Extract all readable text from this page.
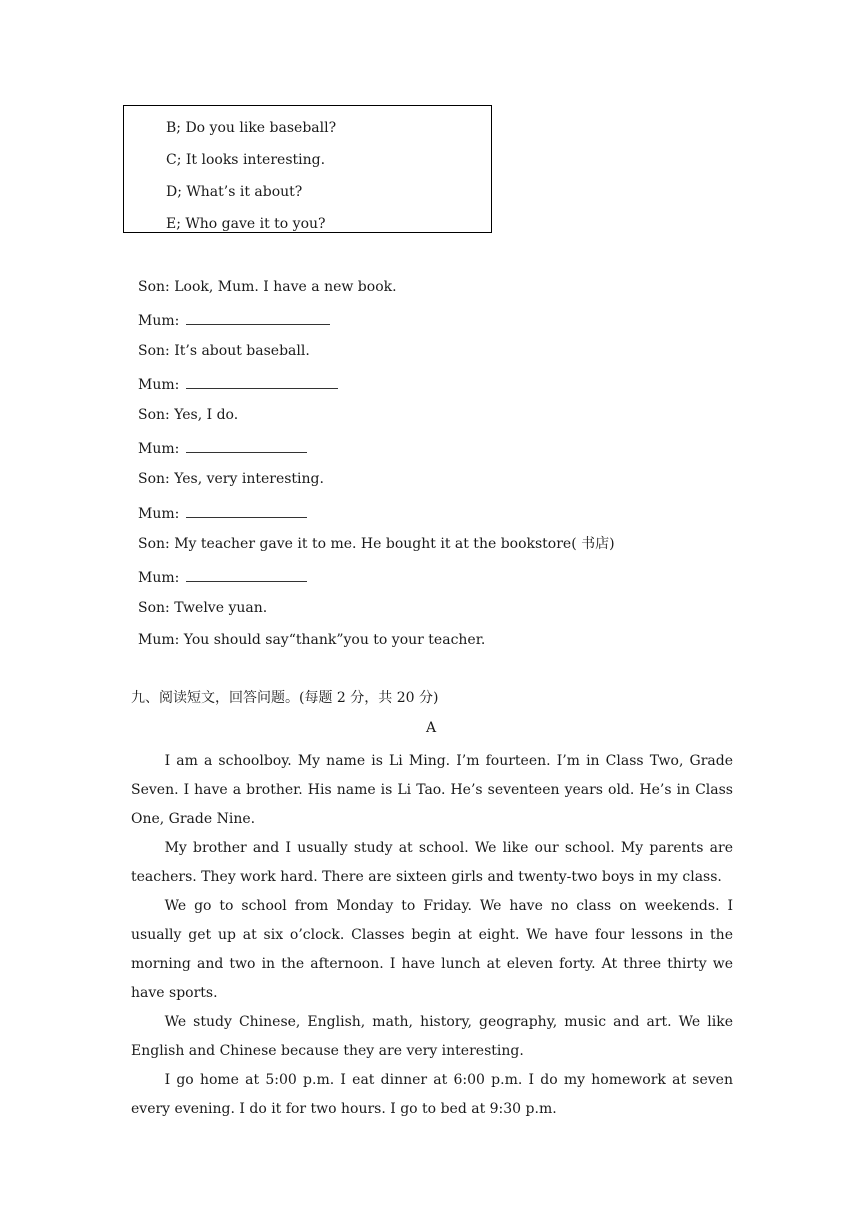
B; Do you like baseball?
C; It looks interesting.
D; What’s it about?
E; Who gave it to you?
Son: Look, Mum. I have a new book.
Mum:
Son: It’s about baseball.
Mum:
Son: Yes, I do.
Mum:
Son: Yes, very interesting.
Mum:
Son: My teacher gave it to me. He bought it at the bookstore( 书店)
Mum:
Son: Twelve yuan.
Mum: You should say“thank”you to your teacher.
九、阅读短文，回答问题。(每题 2 分，共 20 分)
A

I am a schoolboy. My name is Li Ming. I’m fourteen. I’m in Class Two, Grade Seven. I have a brother. His name is Li Tao. He’s seventeen years old. He’s in Class One, Grade Nine.

My brother and I usually study at school. We like our school. My parents are teachers. They work hard. There are sixteen girls and twenty-two boys in my class.

We go to school from Monday to Friday. We have no class on weekends. I usually get up at six o’clock. Classes begin at eight. We have four lessons in the morning and two in the afternoon. I have lunch at eleven forty. At three thirty we have sports.

We study Chinese, English, math, history, geography, music and art. We like English and Chinese because they are very interesting.

I go home at 5:00 p.m. I eat dinner at 6:00 p.m. I do my homework at seven every evening. I do it for two hours. I go to bed at 9:30 p.m.
